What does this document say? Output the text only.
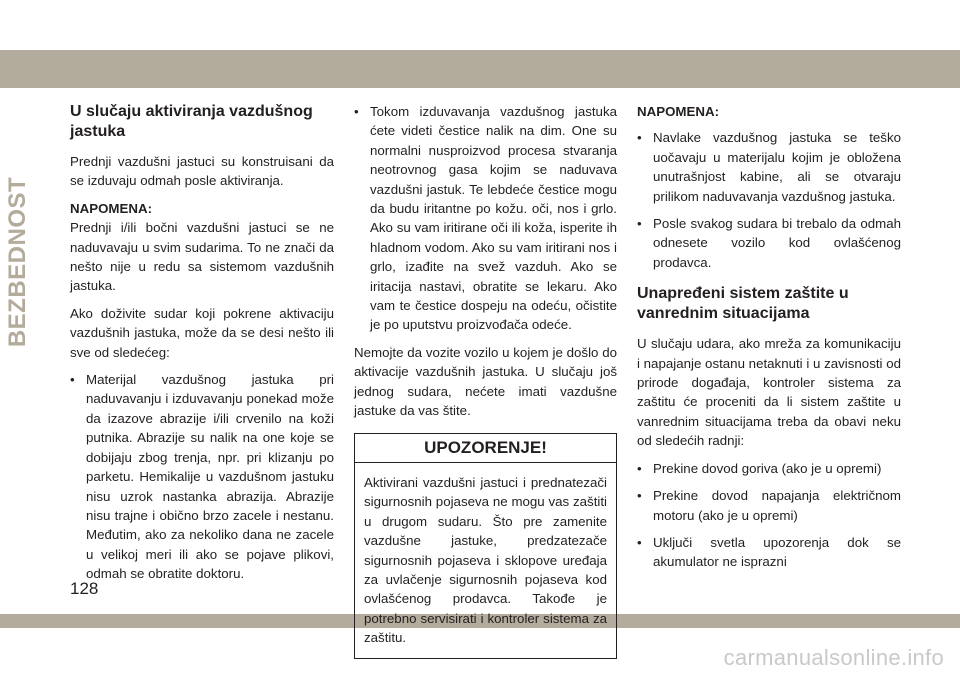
BEZBEDNOST
U slučaju aktiviranja vazdušnog jastuka

Prednji vazdušni jastuci su konstruisani da se izduvaju odmah posle aktiviranja.

NAPOMENA:

Prednji i/ili bočni vazdušni jastuci se ne naduvavaju u svim sudarima. To ne znači da nešto nije u redu sa sistemom vazdušnih jastuka.

Ako doživite sudar koji pokrene aktivaciju vazdušnih jastuka, može da se desi nešto ili sve od sledećeg:

• Materijal vazdušnog jastuka pri naduvavanju i izduvavanju ponekad može da izazove abrazije i/ili crvenilo na koži putnika. Abrazije su nalik na one koje se dobijaju zbog trenja, npr. pri klizanju po parketu. Hemikalije u vazdušnom jastuku nisu uzrok nastanka abrazija. Abrazije nisu trajne i obično brzo zacele i nestanu. Međutim, ako za nekoliko dana ne zacele u velikoj meri ili ako se pojave plikovi, odmah se obratite doktoru.
• Tokom izduvavanja vazdušnog jastuka ćete videti čestice nalik na dim. One su normalni nusproizvod procesa stvaranja neotrovnog gasa kojim se naduvava vazdušni jastuk. Te lebdeće čestice mogu da budu iritantne po kožu. oči, nos i grlo. Ako su vam iritirane oči ili koža, isperite ih hladnom vodom. Ako su vam iritirani nos i grlo, izađite na svež vazduh. Ako se iritacija nastavi, obratite se lekaru. Ako vam te čestice dospeju na odeću, očistite je po uputstvu proizvođača odeće.

Nemojte da vozite vozilo u kojem je došlo do aktivacije vazdušnih jastuka. U slučaju još jednog sudara, nećete imati vazdušne jastuke da vas štite.

UPOZORENJE!

Aktivirani vazdušni jastuci i prednatezači sigurnosnih pojaseva ne mogu vas zaštiti u drugom sudaru. Što pre zamenite vazdušne jastuke, predzatezače sigurnosnih pojaseva i sklopove uređaja za uvlačenje sigurnosnih pojaseva kod ovlašćenog prodavca. Takođe je potrebno servisirati i kontroler sistema za zaštitu.

NAPOMENA:

• Navlake vazdušnog jastuka se teško uočavaju u materijalu kojim je obložena unutrašnjost kabine, ali se otvaraju prilikom naduvavanja vazdušnog jastuka.
• Posle svakog sudara bi trebalo da odmah odnesete vozilo kod ovlašćenog prodavca.
Unapređeni sistem zaštite u vanrednim situacijama

U slučaju udara, ako mreža za komunikaciju i napajanje ostanu netaknuti i u zavisnosti od prirode događaja, kontroler sistema za zaštitu će proceniti da li sistem zaštite u vanrednim situacijama treba da obavi neku od sledećih radnji:

• Prekine dovod goriva (ako je u opremi)
• Prekine dovod napajanja električnom motoru (ako je u opremi)
• Uključi svetla upozorenja dok se akumulator ne isprazni
128
carmanualsonline.info
